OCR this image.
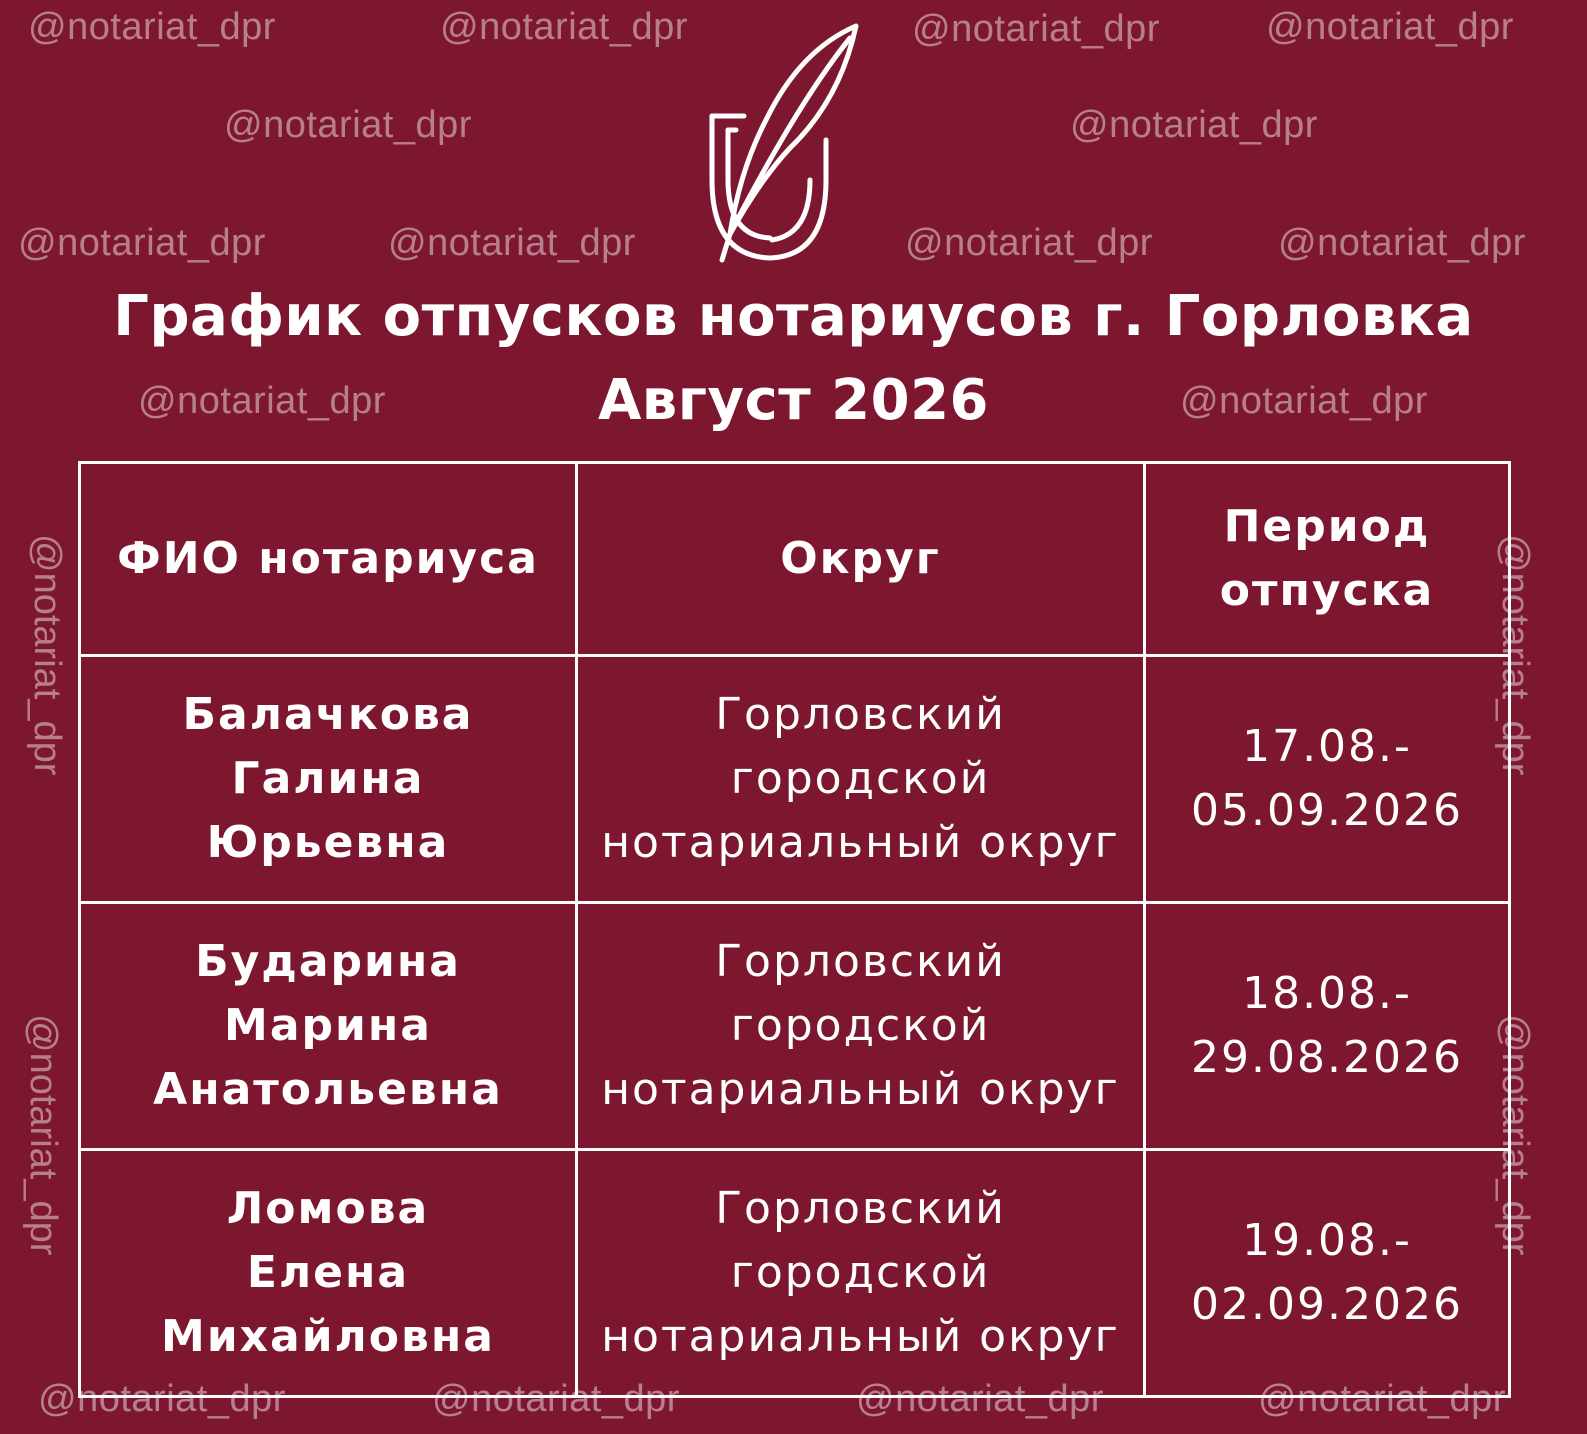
@notariat_dpr	@notariat_dpr	@notariat_dpr	@notariat_dpr
@notariat_dpr	@notariat_dpr
@notariat_dpr	@notariat_dpr	@notariat_dpr	@notariat_dpr
@notariat_dpr	@notariat_dpr
@notariat_dpr	@notariat_dpr	@notariat_dpr	@notariat_dpr
@notariat_dpr
@notariat_dpr
@notariat_dpr
@notariat_dpr
График отпусков нотариусов г. Горловка
Август 2026
ФИО нотариуса	Округ	Период отпуска
Балачкова Галина Юрьевна	Горловский городской нотариальный округ	17.08.- 05.09.2026
Бударина Марина Анатольевна	Горловский городской нотариальный округ	18.08.- 29.08.2026
Ломова Елена Михайловна	Горловский городской нотариальный округ	19.08.- 02.09.2026
